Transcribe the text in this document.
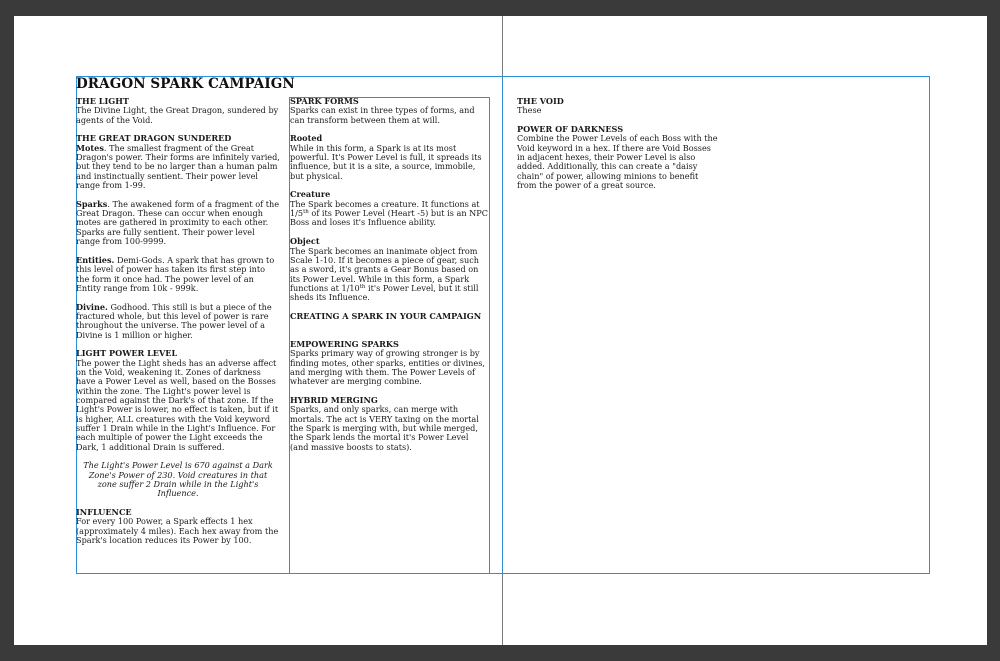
DRAGON SPARK CAMPAIGN

THE LIGHT

The Divine Light, the Great Dragon, sundered by agents of the Void.

THE GREAT DRAGON SUNDERED

Motes. The smallest fragment of the Great Dragon's power. Their forms are infinitely varied, but they tend to be no larger than a human palm and instinctually sentient. Their power level range from 1-99.

Sparks. The awakened form of a fragment of the Great Dragon. These can occur when enough motes are gathered in proximity to each other. Sparks are fully sentient. Their power level range from 100-9999.

Entities. Demi-Gods. A spark that has grown to this level of power has taken its first step into the form it once had. The power level of an Entity range from 10k - 999k.

Divine. Godhood. This still is but a piece of the fractured whole, but this level of power is rare throughout the universe. The power level of a Divine is 1 million or higher.

LIGHT POWER LEVEL

The power the Light sheds has an adverse affect on the Void, weakening it. Zones of darkness have a Power Level as well, based on the Bosses within the zone. The Light's power level is compared against the Dark's of that zone. If the Light's Power is lower, no effect is taken, but if it is higher, ALL creatures with the Void keyword suffer 1 Drain while in the Light's Influence. For each multiple of power the Light exceeds the Dark, 1 additional Drain is suffered.

The Light's Power Level is 670 against a Dark Zone's Power of 230. Void creatures in that zone suffer 2 Drain while in the Light's Influence.

INFLUENCE

For every 100 Power, a Spark effects 1 hex (approximately 4 miles). Each hex away from the Spark's location reduces its Power by 100.

SPARK FORMS

Sparks can exist in three types of forms, and can transform between them at will.

Rooted

While in this form, a Spark is at its most powerful. It's Power Level is full, it spreads its influence, but it is a site, a source, immobile, but physical.

Creature

The Spark becomes a creature. It functions at 1/5th of its Power Level (Heart -5) but is an NPC Boss and loses it's Influence ability.

Object

The Spark becomes an inanimate object from Scale 1-10. If it becomes a piece of gear, such as a sword, it's grants a Gear Bonus based on its Power Level. While in this form, a Spark functions at 1/10th it's Power Level, but it still sheds its Influence.

CREATING A SPARK IN YOUR CAMPAIGN

EMPOWERING SPARKS

Sparks primary way of growing stronger is by finding motes, other sparks, entities or divines, and merging with them. The Power Levels of whatever are merging combine.

HYBRID MERGING

Sparks, and only sparks, can merge with mortals. The act is VERY taxing on the mortal the Spark is merging with, but while merged, the Spark lends the mortal it's Power Level (and massive boosts to stats).

THE VOID

These

POWER OF DARKNESS

Combine the Power Levels of each Boss with the Void keyword in a hex. If there are Void Bosses in adjacent hexes, their Power Level is also added. Additionally, this can create a "daisy chain" of power, allowing minions to benefit from the power of a great source.
